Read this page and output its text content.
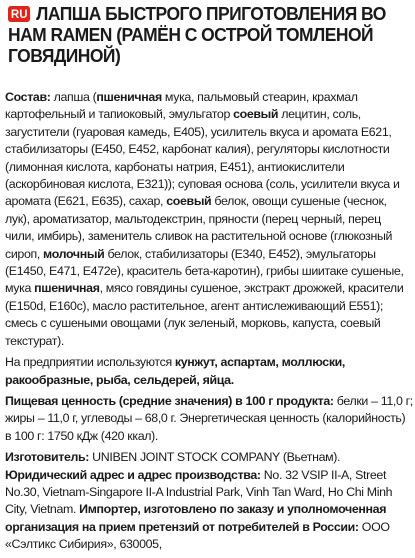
RU ЛАПША БЫСТРОГО ПРИГОТОВЛЕНИЯ ВО НАМ RAMEN (РАМЁН С ОСТРОЙ ТОМЛЕНОЙ ГОВЯДИНОЙ)

Состав: лапша (пшеничная мука, пальмовый стеарин, крахмал картофельный и тапиоковый, эмульгатор соевый лецитин, соль, загустители (гуаровая камедь, E405), усилитель вкуса и аромата E621, стабилизаторы (E450, E452, карбонат калия), регуляторы кислотности (лимонная кислота, карбонаты натрия, E451), антиокислители (аскорбиновая кислота, E321)); суповая основа (соль, усилители вкуса и аромата (E621, E635), сахар, соевый белок, овощи сушеные (чеснок, лук), ароматизатор, мальтодекстрин, пряности (перец черный, перец чили, имбирь), заменитель сливок на растительной основе (глюкозный сироп, молочный белок, стабилизаторы (E340, E452), эмульгаторы (E1450, E471, E472e), краситель бета-каротин), грибы шиитаке сушеные, мука пшеничная, мясо говядины сушеное, экстракт дрожжей, красители (E150d, E160c), масло растительное, агент антислеживающий E551); смесь с сушеными овощами (лук зеленый, морковь, капуста, соевый текстурат).

На предприятии используются кунжут, аспартам, моллюски, ракообразные, рыба, сельдерей, яйца.

Пищевая ценность (средние значения) в 100 г продукта: белки – 11,0 г; жиры – 11,0 г, углеводы – 68,0 г. Энергетическая ценность (калорийность) в 100 г: 1750 кДж (420 ккал).

Изготовитель: UNIBEN JOINT STOCK COMPANY (Вьетнам). Юридический адрес и адрес производства: No. 32 VSIP II-A, Street No.30, Vietnam-Singapore II-A Industrial Park, Vinh Tan Ward, Ho Chi Minh City, Vietnam. Импортер, изготовлено по заказу и уполномоченная организация на прием претензий от потребителей в России: ООО «Сэлтикс Сибирия», 630005,
